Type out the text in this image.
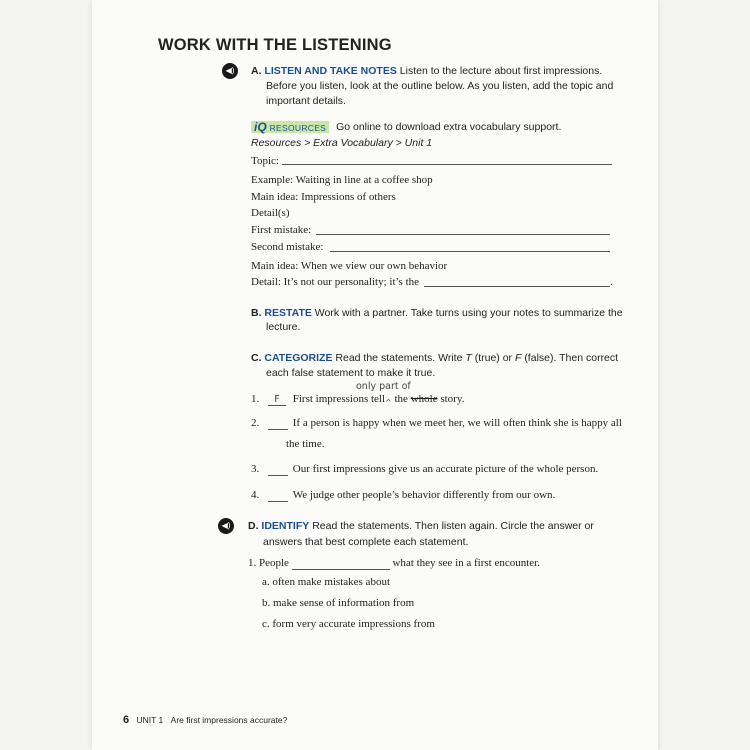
WORK WITH THE LISTENING
◀)	A. LISTEN AND TAKE NOTES Listen to the lecture about first impressions.
Before you listen, look at the outline below. As you listen, add the topic and
important details.
iQ RESOURCES Go online to download extra vocabulary support.
Resources > Extra Vocabulary > Unit 1
Topic:
Example: Waiting in line at a coffee shop
Main idea: Impressions of others
Detail(s)
First mistake:
Second mistake:
Main idea: When we view our own behavior
Detail: It’s not our personality; it’s the	.
B. RESTATE Work with a partner. Take turns using your notes to summarize the
lecture.
C. CATEGORIZE Read the statements. Write T (true) or F (false). Then correct
each false statement to make it true.
only part of
1. F First impressions tell$_{\^{}}$ the whole story.
2.	If a person is happy when we meet her, we will often think she is happy all
the time.
3.	Our first impressions give us an accurate picture of the whole person.
4.	We judge other people’s behavior differently from our own.
◀)	D. IDENTIFY Read the statements. Then listen again. Circle the answer or
answers that best complete each statement.
1. People	what they see in a first encounter.
a. often make mistakes about
b. make sense of information from
c. form very accurate impressions from
6 UNIT 1 Are first impressions accurate?
